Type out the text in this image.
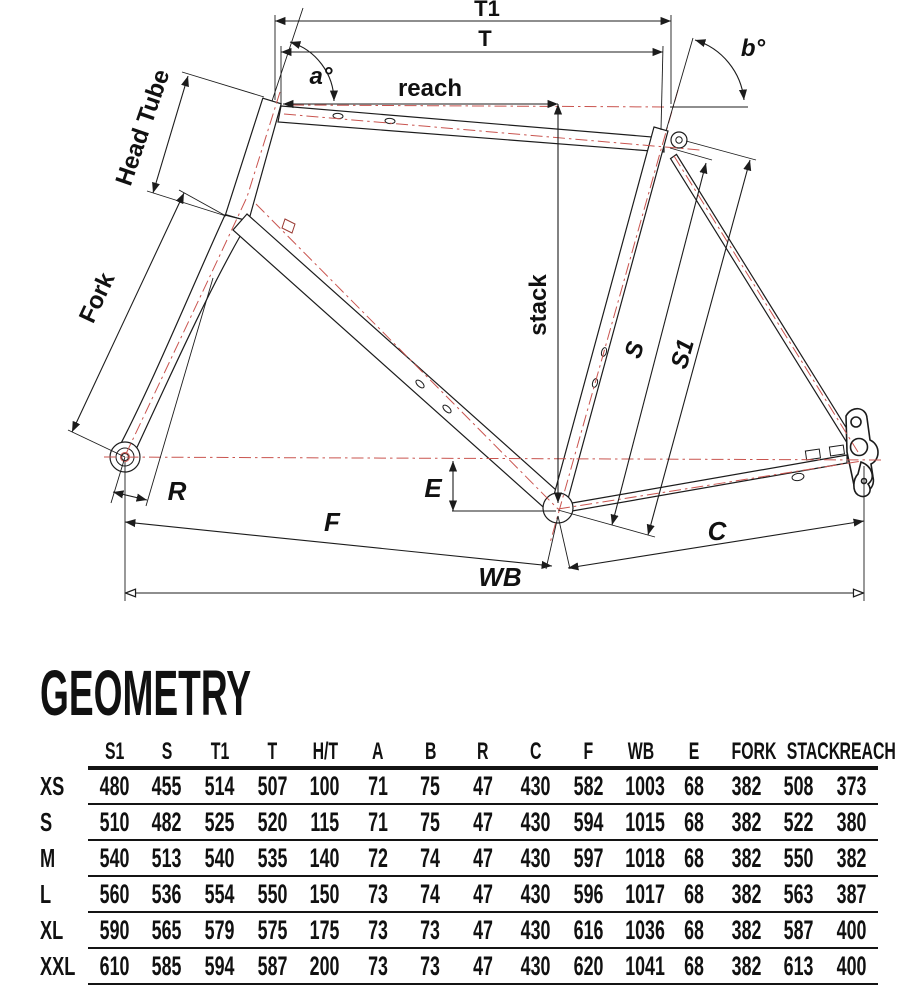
T1
T
reach
stack
Head Tube
Fork
a°
b°
S S1
R	E
F	C
WB
GEOMETRY
	S1	S	T1	T	H/T	A	B	R	C	F	WB	E	FORK	STACK	REACH
XS	480	455	514	507	100	71	75	47	430	582	1003	68	382	508	373
S	510	482	525	520	115	71	75	47	430	594	1015	68	382	522	380
M	540	513	540	535	140	72	74	47	430	597	1018	68	382	550	382
L	560	536	554	550	150	73	74	47	430	596	1017	68	382	563	387
XL	590	565	579	575	175	73	73	47	430	616	1036	68	382	587	400
XXL	610	585	594	587	200	73	73	47	430	620	1041	68	382	613	400
